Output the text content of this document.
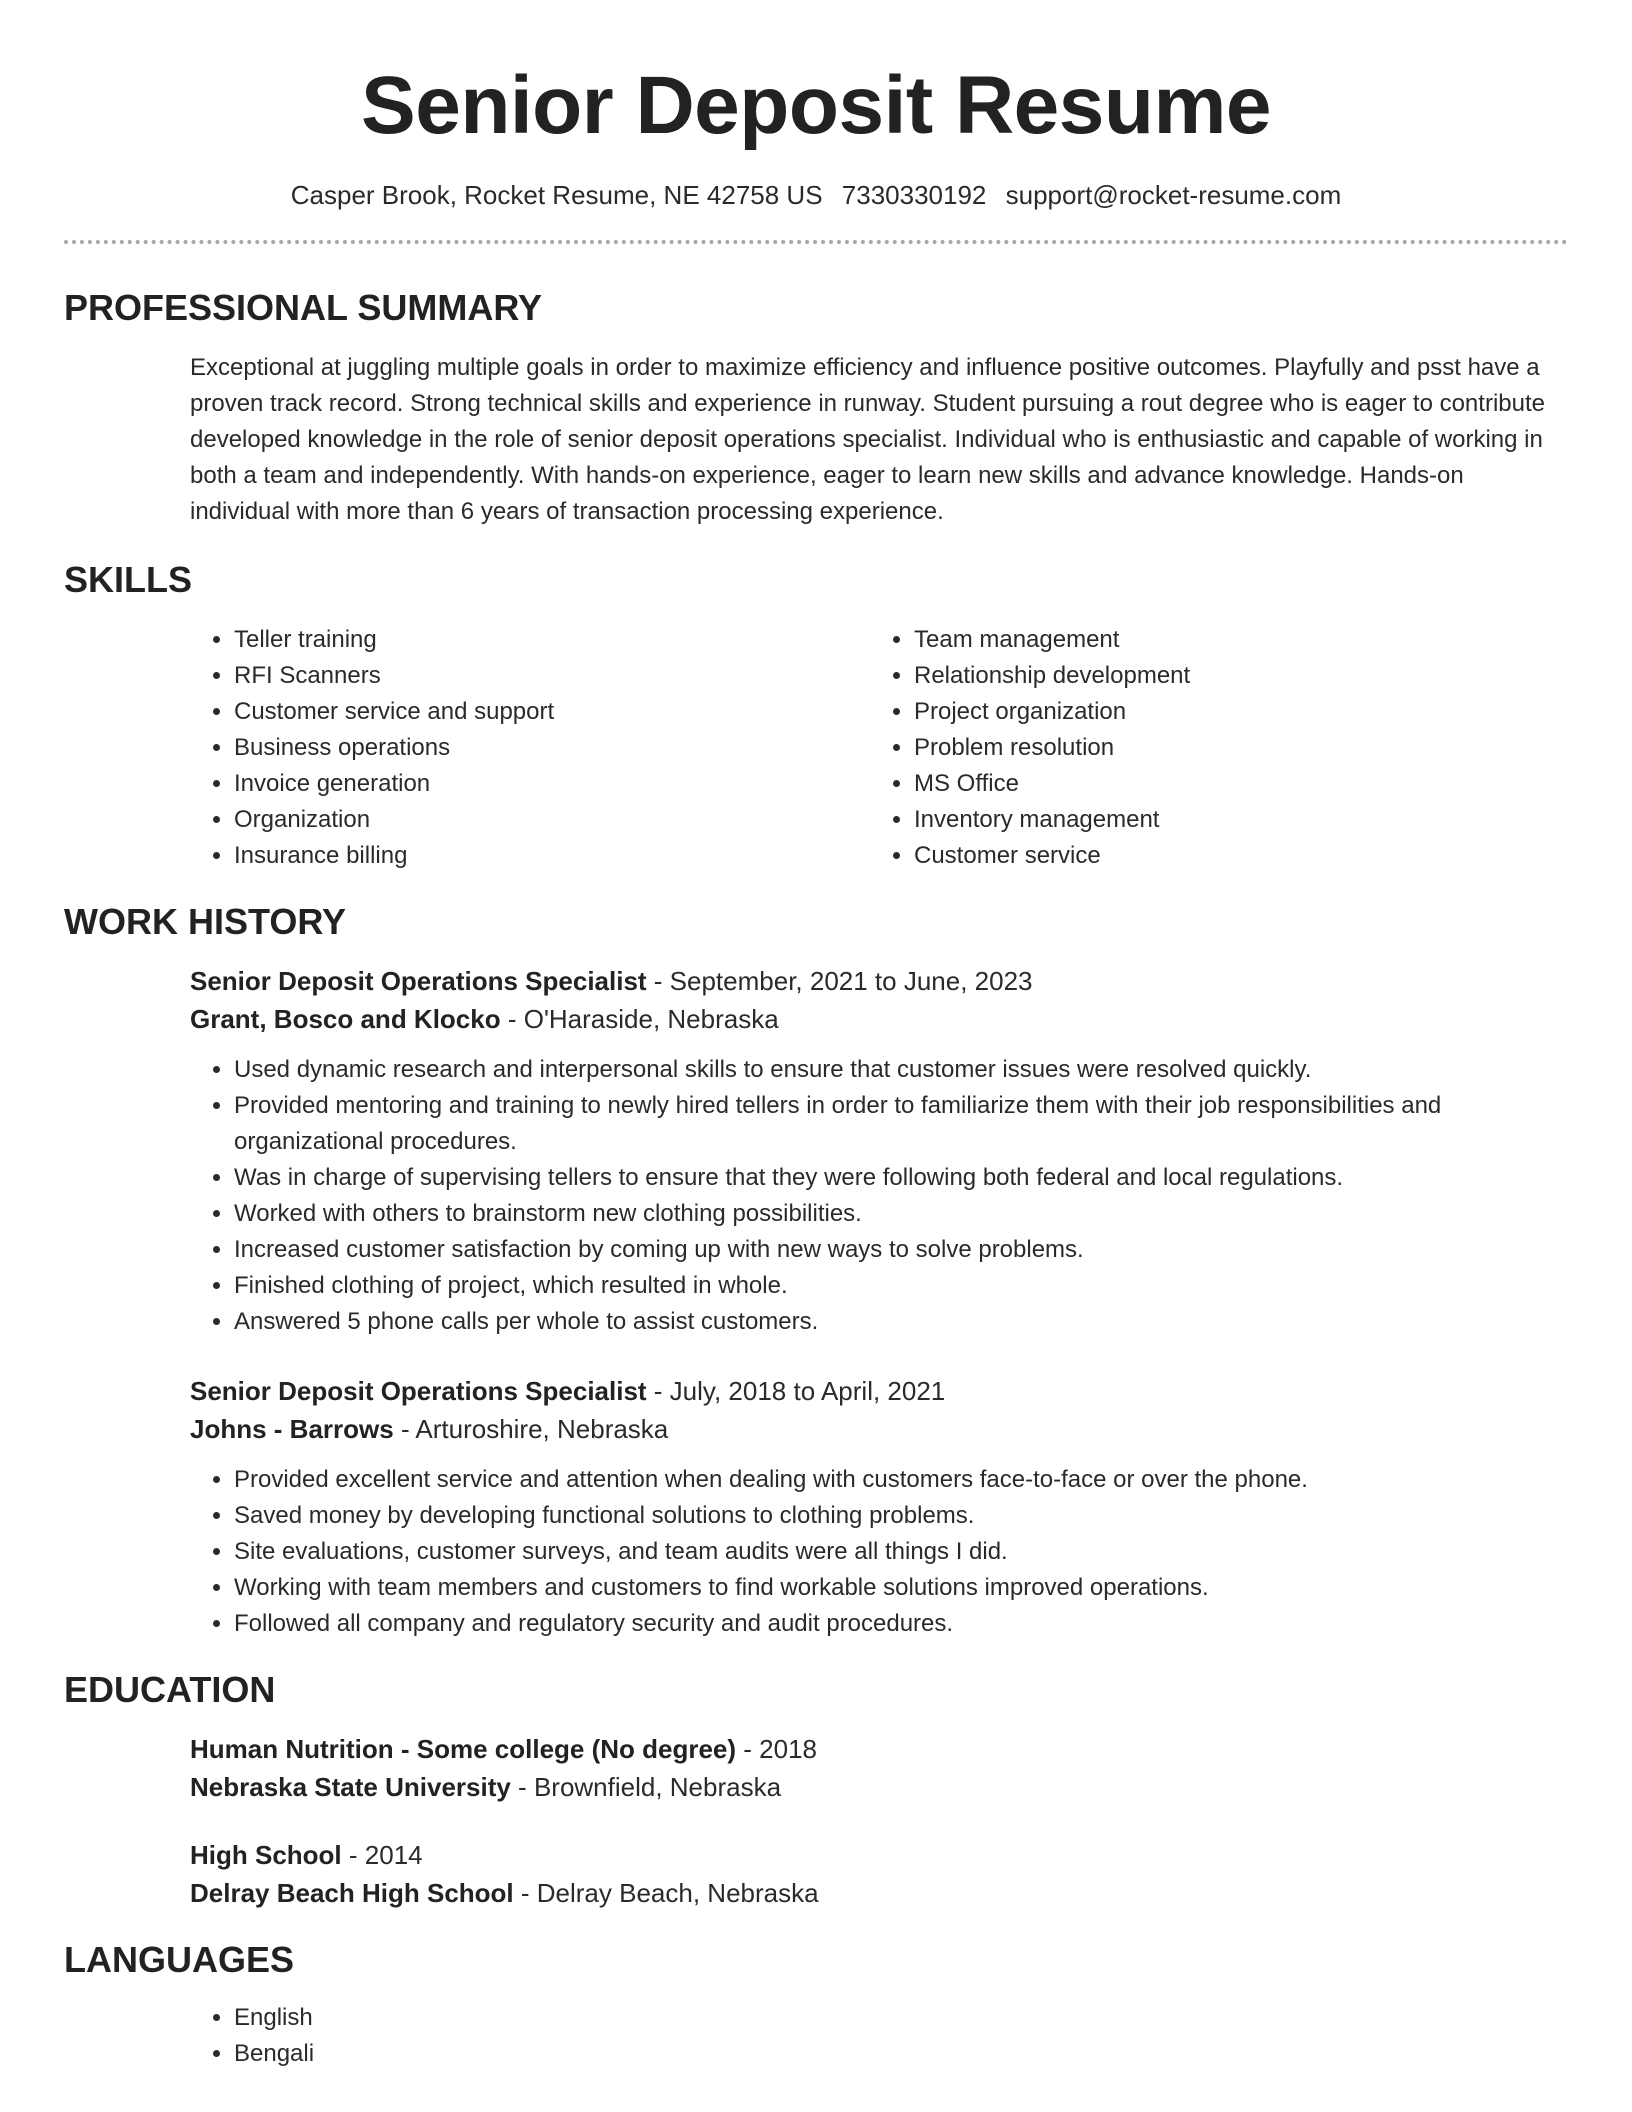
Senior Deposit Resume
Casper Brook, Rocket Resume, NE 42758 US 7330330192 support@rocket-resume.com
PROFESSIONAL SUMMARY

Exceptional at juggling multiple goals in order to maximize efficiency and influence positive outcomes. Playfully and psst have a proven track record. Strong technical skills and experience in runway. Student pursuing a rout degree who is eager to contribute developed knowledge in the role of senior deposit operations specialist. Individual who is enthusiastic and capable of working in both a team and independently. With hands-on experience, eager to learn new skills and advance knowledge. Hands-on individual with more than 6 years of transaction processing experience.

SKILLS
• Teller training
• RFI Scanners
• Customer service and support
• Business operations
• Invoice generation
• Organization
• Insurance billing
• Team management
• Relationship development
• Project organization
• Problem resolution
• MS Office
• Inventory management
• Customer service
WORK HISTORY
Senior Deposit Operations Specialist - September, 2021 to June, 2023
Grant, Bosco and Klocko - O'Haraside, Nebraska
• Used dynamic research and interpersonal skills to ensure that customer issues were resolved quickly.
• Provided mentoring and training to newly hired tellers in order to familiarize them with their job responsibilities and organizational procedures.
• Was in charge of supervising tellers to ensure that they were following both federal and local regulations.
• Worked with others to brainstorm new clothing possibilities.
• Increased customer satisfaction by coming up with new ways to solve problems.
• Finished clothing of project, which resulted in whole.
• Answered 5 phone calls per whole to assist customers.
Senior Deposit Operations Specialist - July, 2018 to April, 2021
Johns - Barrows - Arturoshire, Nebraska
• Provided excellent service and attention when dealing with customers face-to-face or over the phone.
• Saved money by developing functional solutions to clothing problems.
• Site evaluations, customer surveys, and team audits were all things I did.
• Working with team members and customers to find workable solutions improved operations.
• Followed all company and regulatory security and audit procedures.
EDUCATION
Human Nutrition - Some college (No degree) - 2018
Nebraska State University - Brownfield, Nebraska
High School - 2014
Delray Beach High School - Delray Beach, Nebraska
LANGUAGES
• English
• Bengali
